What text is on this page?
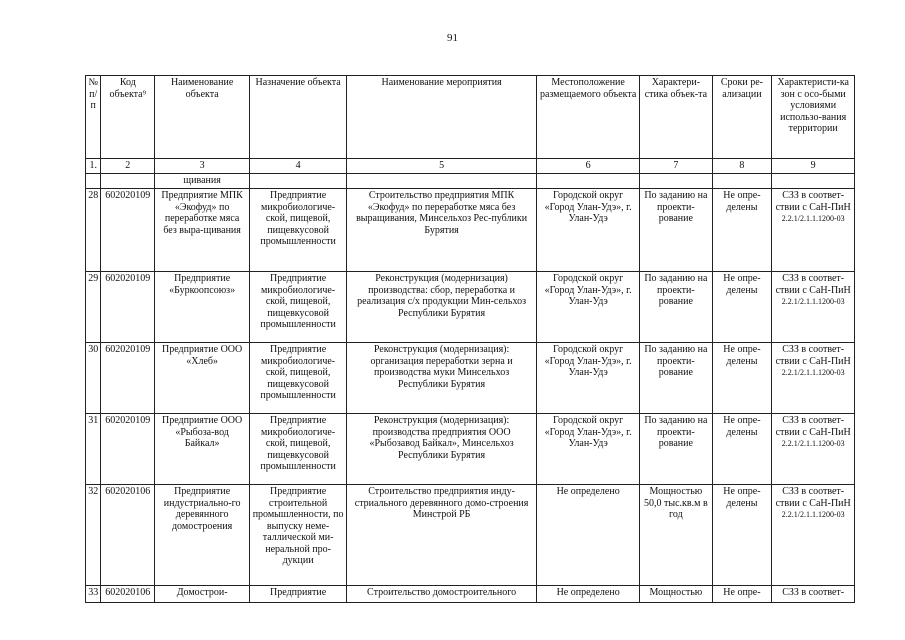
91
№ п/п	Код объекта⁹	Наименование объекта	Назначение объекта	Наименование мероприятия	Местоположение размещаемого объекта	Характери-стика объек-та	Сроки ре-ализации	Характеристи-ка зон с осо-быми условиями использо-вания территории
1.	2	3	4	5	6	7	8	9
		щивания						
28	602020109	Предприятие МПК «Экофуд» по переработке мяса без выра-щивания	Предприятие микробиологиче-ской, пищевой, пищевкусовой промышленности	Строительство предприятия МПК «Экофуд» по переработке мяса без выращивания, Минсельхоз Рес-публики Бурятия	Городской округ «Город Улан-Удэ», г. Улан-Удэ	По заданию на проекти-рование	Не опре-делены	СЗЗ в соответ-ствии с СаН-ПиН
2.2.1/2.1.1.1200-03

29	602020109	Предприятие «Буркоопсоюз»	Предприятие микробиологиче-ской, пищевой, пищевкусовой промышленности	Реконструкция (модернизация) производства: сбор, переработка и реализация с/х продукции Мин-сельхоз Республики Бурятия	Городской округ «Город Улан-Удэ», г. Улан-Удэ	По заданию на проекти-рование	Не опре-делены	СЗЗ в соответ-ствии с СаН-ПиН
2.2.1/2.1.1.1200-03

30	602020109	Предприятие ООО «Хлеб»	Предприятие микробиологиче-ской, пищевой, пищевкусовой промышленности	Реконструкция (модернизация): организация переработки зерна и производства муки Минсельхоз Республики Бурятия	Городской округ «Город Улан-Удэ», г. Улан-Удэ	По заданию на проекти-рование	Не опре-делены	СЗЗ в соответ-ствии с СаН-ПиН
2.2.1/2.1.1.1200-03

31	602020109	Предприятие ООО «Рыбоза-вод Байкал»	Предприятие микробиологиче-ской, пищевой, пищевкусовой промышленности	Реконструкция (модернизация): производства предприятия ООО «Рыбозавод Байкал», Минсельхоз Республики Бурятия	Городской округ «Город Улан-Удэ», г. Улан-Удэ	По заданию на проекти-рование	Не опре-делены	СЗЗ в соответ-ствии с СаН-ПиН
2.2.1/2.1.1.1200-03

32	602020106	Предприятие индустриально-го деревянного домостроения	Предприятие строительной промышленности, по выпуску неме-таллической ми-неральной про-дукции	Строительство предприятия инду-стриального деревянного домо-строения Минстрой РБ	Не определено	Мощностью 50,0 тыс.кв.м в год	Не опре-делены	СЗЗ в соответ-ствии с СаН-ПиН
2.2.1/2.1.1.1200-03

33	602020106	Домострои-	Предприятие	Строительство домостроительного	Не определено	Мощностью	Не опре-	СЗЗ в соответ-
